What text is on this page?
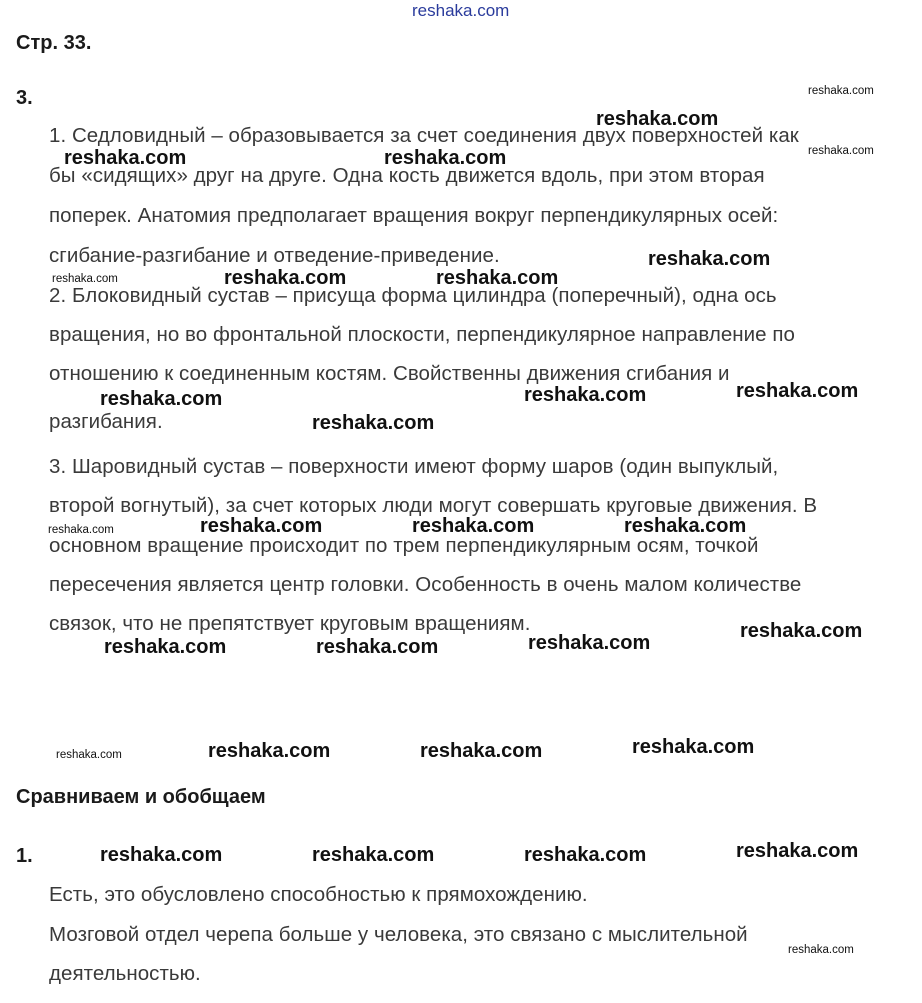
reshaka.com
Стр. 33.
3.
1. Седловидный – образовывается за счет соединения двух поверхностей как
бы «сидящих» друг на друге. Одна кость движется вдоль, при этом вторая
поперек. Анатомия предполагает вращения вокруг перпендикулярных осей:
сгибание-разгибание и отведение-приведение.
2. Блоковидный сустав – присуща форма цилиндра (поперечный), одна ось
вращения, но во фронтальной плоскости, перпендикулярное направление по
отношению к соединенным костям. Свойственны движения сгибания и
разгибания.
3. Шаровидный сустав – поверхности имеют форму шаров (один выпуклый,
второй вогнутый), за счет которых люди могут совершать круговые движения. В
основном вращение происходит по трем перпендикулярным осям, точкой
пересечения является центр головки. Особенность в очень малом количестве
связок, что не препятствует круговым вращениям.
Сравниваем и обобщаем
1.
Есть, это обусловлено способностью к прямохождению.
Мозговой отдел черепа больше у человека, это связано с мыслительной
деятельностью.
reshaka.com
reshaka.com
reshaka.com
reshaka.com	reshaka.com
reshaka.com
reshaka.com	reshaka.com	reshaka.com
reshaka.com
reshaka.com
reshaka.com
reshaka.com
reshaka.com	reshaka.com	reshaka.com	reshaka.com
reshaka.com
reshaka.com
reshaka.com	reshaka.com
reshaka.com
reshaka.com	reshaka.com	reshaka.com
reshaka.com
reshaka.com	reshaka.com	reshaka.com
reshaka.com
